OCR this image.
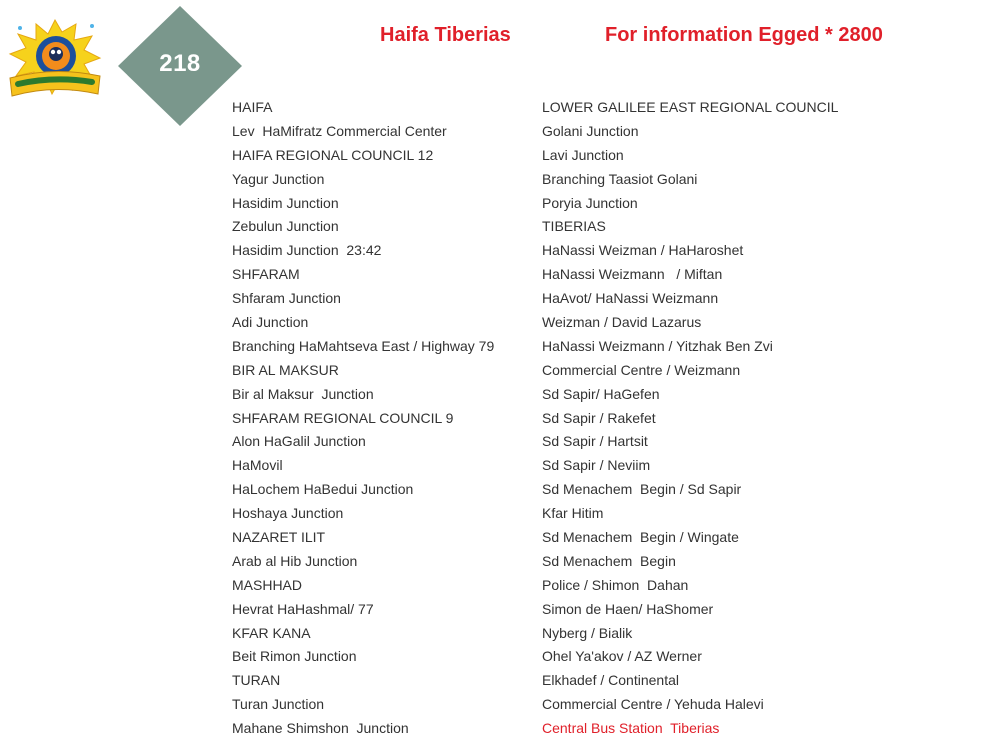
218
Haifa Tiberias	For information Egged * 2800
HAIFA
Lev  HaMifratz Commercial Center
HAIFA REGIONAL COUNCIL 12
Yagur Junction
Hasidim Junction
Zebulun Junction
Hasidim Junction  23:42
SHFARAM
Shfaram Junction
Adi Junction
Branching HaMahtseva East / Highway 79
BIR AL MAKSUR
Bir al Maksur  Junction
SHFARAM REGIONAL COUNCIL 9
Alon HaGalil Junction
HaMovil
HaLochem HaBedui Junction
Hoshaya Junction
NAZARET ILIT
Arab al Hib Junction
MASHHAD
Hevrat HaHashmal/ 77
KFAR KANA
Beit Rimon Junction
TURAN
Turan Junction
Mahane Shimshon  Junction
LOWER GALILEE EAST REGIONAL COUNCIL
Golani Junction
Lavi Junction
Branching Taasiot Golani
Poryia Junction
TIBERIAS
HaNassi Weizman / HaHaroshet
HaNassi Weizmann   / Miftan
HaAvot/ HaNassi Weizmann
Weizman / David Lazarus
HaNassi Weizmann / Yitzhak Ben Zvi
Commercial Centre / Weizmann
Sd Sapir/ HaGefen
Sd Sapir / Rakefet
Sd Sapir / Hartsit
Sd Sapir / Neviim
Sd Menachem  Begin / Sd Sapir
Kfar Hitim
Sd Menachem  Begin / Wingate
Sd Menachem  Begin
Police / Shimon  Dahan
Simon de Haen/ HaShomer
Nyberg / Bialik
Ohel Ya'akov / AZ Werner
Elkhadef / Continental
Commercial Centre / Yehuda Halevi
Central Bus Station  Tiberias
